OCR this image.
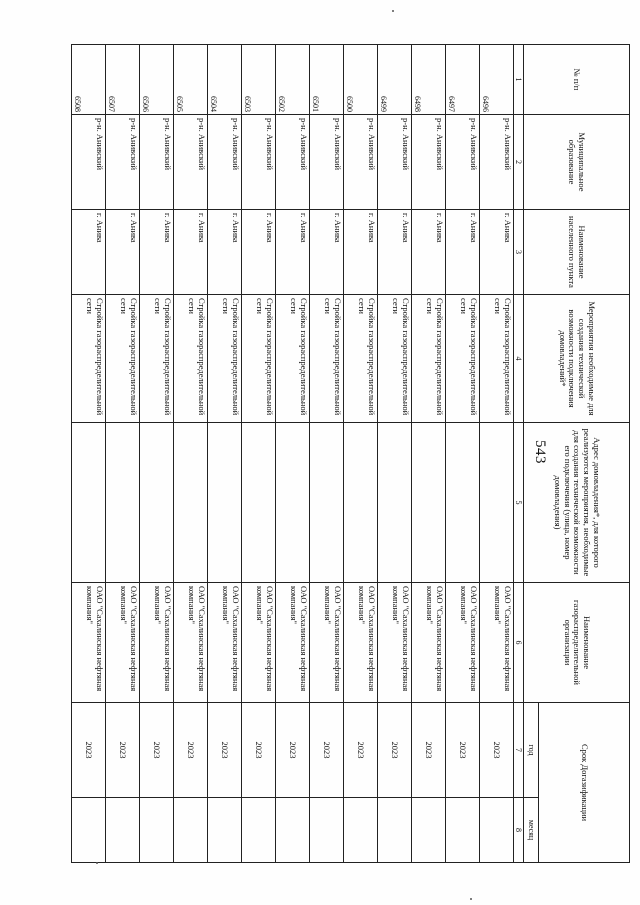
543
№ п/п	Муниципальное образование	Наименование населенного пункта	Мероприятия необходимые для создания технической возможности подключения домовладений*	Адрес домовладения*, для которого реализуются мероприятия, необходимые для создания технической возможности его подключения (улица, номер домовладения)	Наименование газораспределительной организации	Срок Догазификации	
						год	месяц
1	2	3	4	5	6	7	8
6496	р-н. Анивский	г. Анива	Стройка газораспределительной сети		ОАО "Сахалинская нефтяная компания"	2023	
6497	р-н. Анивский	г. Анива	Стройка газораспределительной сети		ОАО "Сахалинская нефтяная компания"	2023	
6498	р-н. Анивский	г. Анива	Стройка газораспределительной сети		ОАО "Сахалинская нефтяная компания"	2023	
6499	р-н. Анивский	г. Анива	Стройка газораспределительной сети		ОАО "Сахалинская нефтяная компания"	2023	
6500	р-н. Анивский	г. Анива	Стройка газораспределительной сети		ОАО "Сахалинская нефтяная компания"	2023	
6501	р-н. Анивский	г. Анива	Стройка газораспределительной сети		ОАО "Сахалинская нефтяная компания"	2023	
6502	р-н. Анивский	г. Анива	Стройка газораспределительной сети		ОАО "Сахалинская нефтяная компания"	2023	
6503	р-н. Анивский	г. Анива	Стройка газораспределительной сети		ОАО "Сахалинская нефтяная компания"	2023	
6504	р-н. Анивский	г. Анива	Стройка газораспределительной сети		ОАО "Сахалинская нефтяная компания"	2023	
6505	р-н. Анивский	г. Анива	Стройка газораспределительной сети		ОАО "Сахалинская нефтяная компания"	2023	
6506	р-н. Анивский	г. Анива	Стройка газораспределительной сети		ОАО "Сахалинская нефтяная компания"	2023	
6507	р-н. Анивский	г. Анива	Стройка газораспределительной сети		ОАО "Сахалинская нефтяная компания"	2023	
6508	р-н. Анивский	г. Анива	Стройка газораспределительной сети		ОАО "Сахалинская нефтяная компания"	2023	
